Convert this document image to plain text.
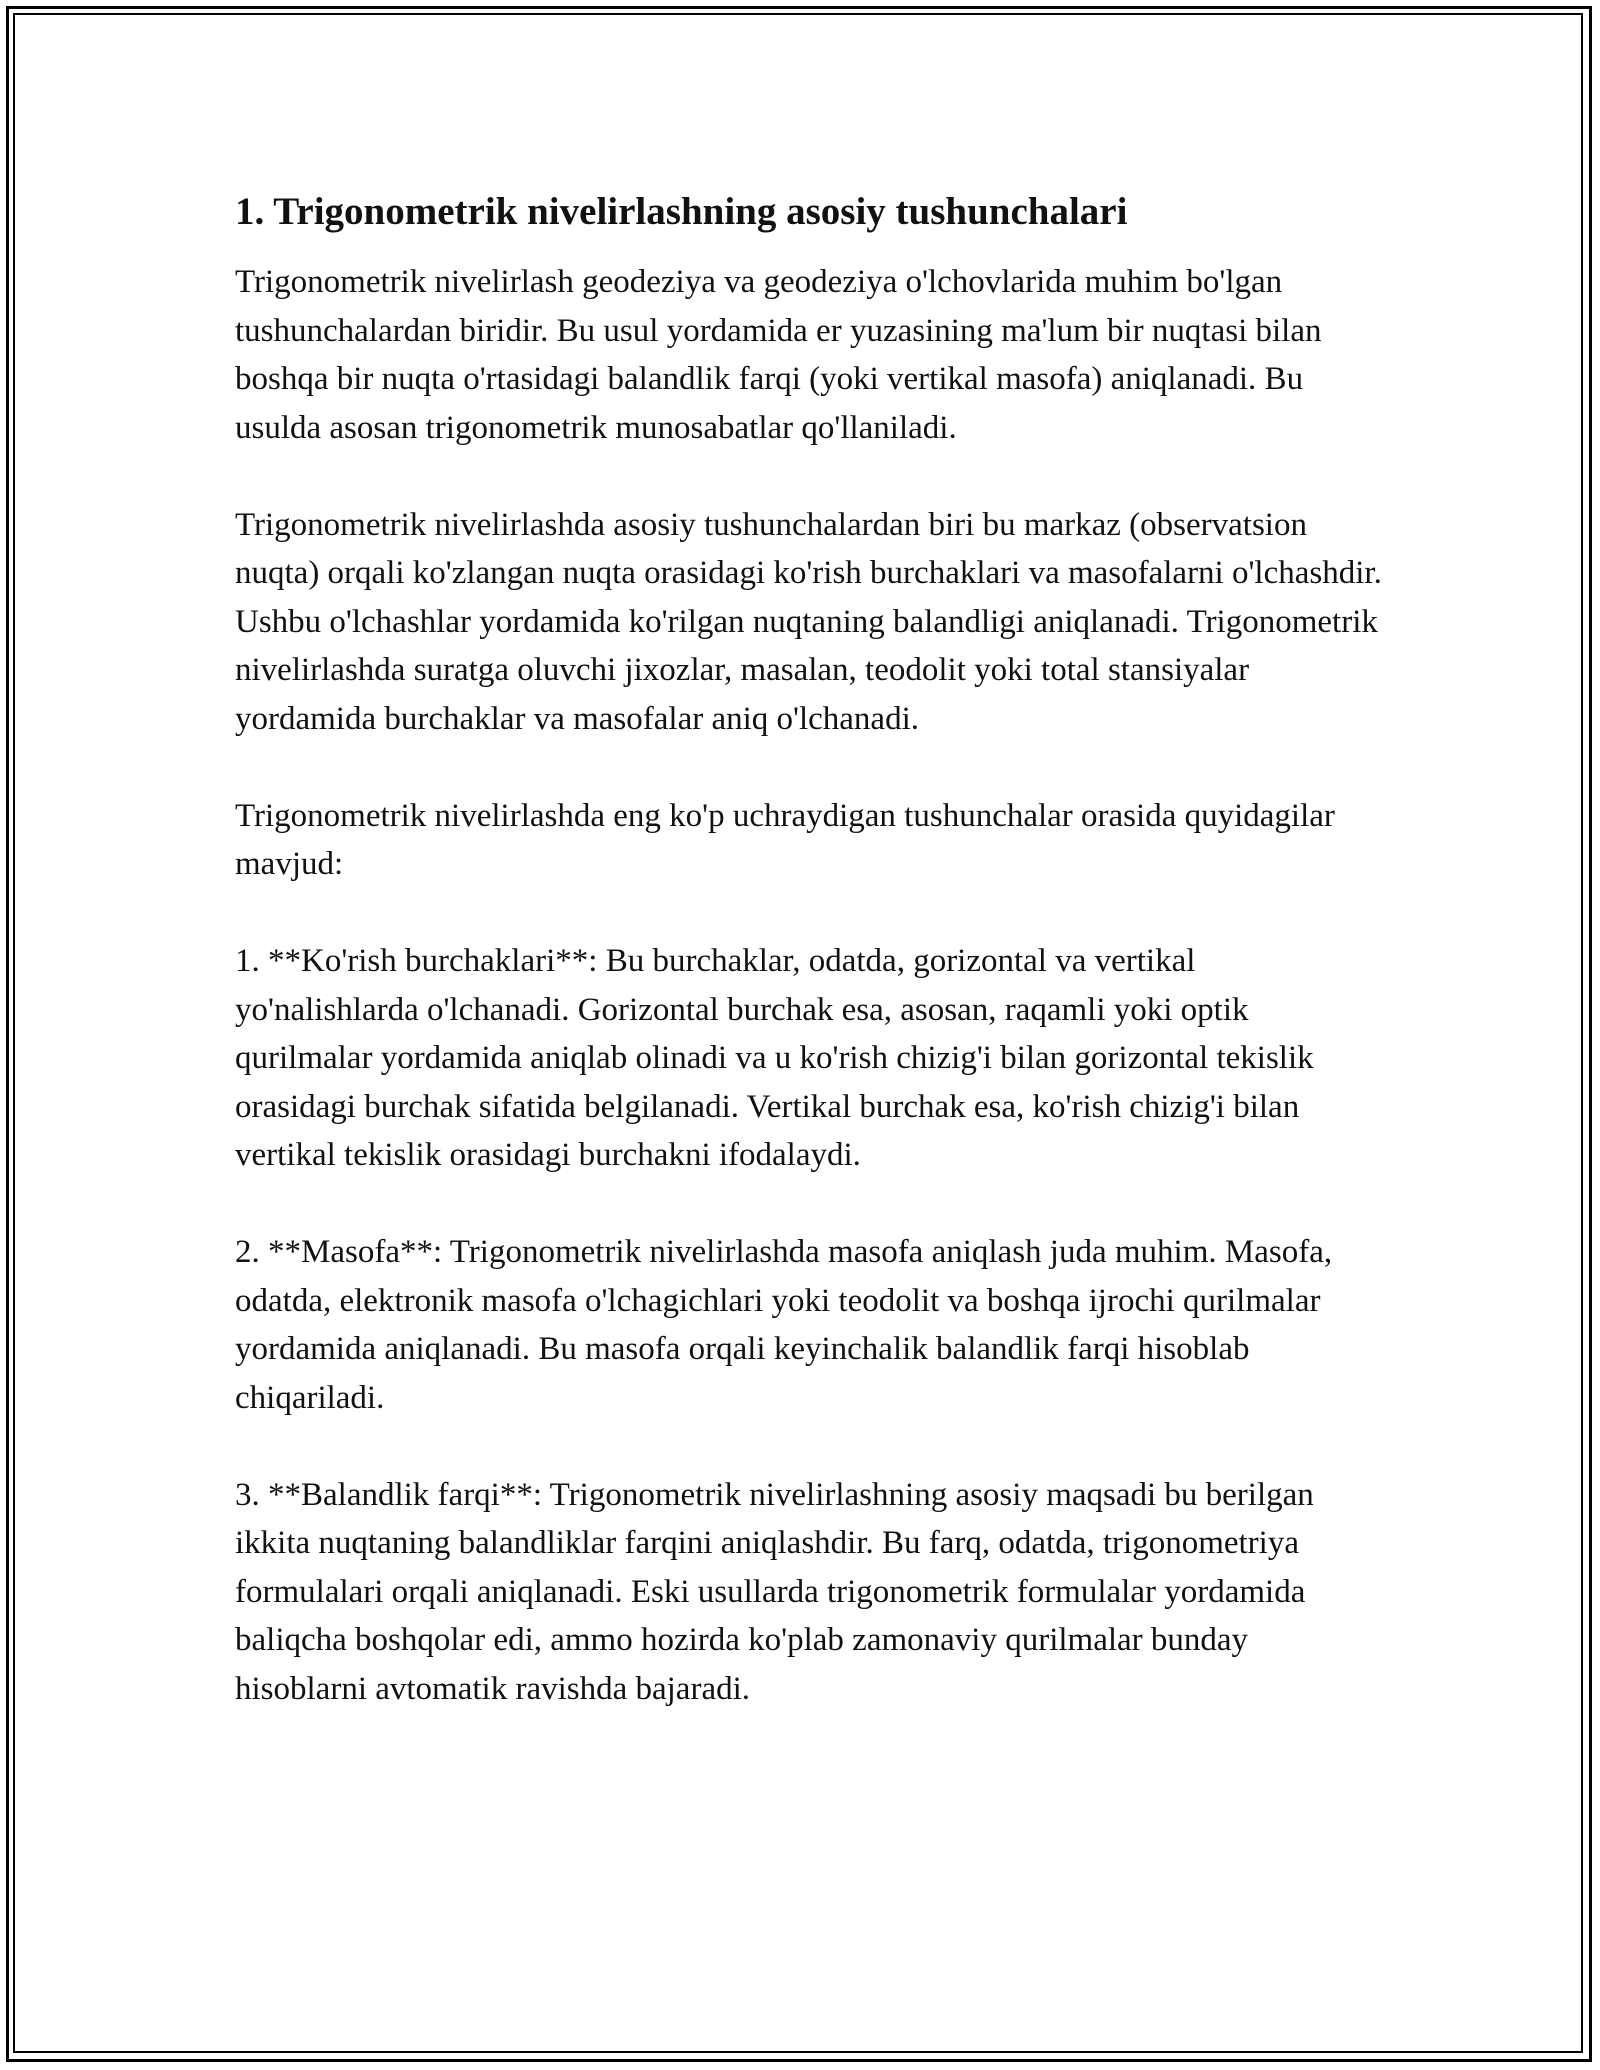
1. Trigonometrik nivelirlashning asosiy tushunchalari

Trigonometrik nivelirlash geodeziya va geodeziya o'lchovlarida muhim bo'lgan tushunchalardan biridir. Bu usul yordamida er yuzasining ma'lum bir nuqtasi bilan boshqa bir nuqta o'rtasidagi balandlik farqi (yoki vertikal masofa) aniqlanadi. Bu usulda asosan trigonometrik munosabatlar qo'llaniladi.

Trigonometrik nivelirlashda asosiy tushunchalardan biri bu markaz (observatsion nuqta) orqali ko'zlangan nuqta orasidagi ko'rish burchaklari va masofalarni o'lchashdir. Ushbu o'lchashlar yordamida ko'rilgan nuqtaning balandligi aniqlanadi. Trigonometrik nivelirlashda suratga oluvchi jixozlar, masalan, teodolit yoki total stansiyalar yordamida burchaklar va masofalar aniq o'lchanadi.

Trigonometrik nivelirlashda eng ko'p uchraydigan tushunchalar orasida quyidagilar mavjud:

1. **Ko'rish burchaklari**: Bu burchaklar, odatda, gorizontal va vertikal yo'nalishlarda o'lchanadi. Gorizontal burchak esa, asosan, raqamli yoki optik qurilmalar yordamida aniqlab olinadi va u ko'rish chizig'i bilan gorizontal tekislik orasidagi burchak sifatida belgilanadi. Vertikal burchak esa, ko'rish chizig'i bilan vertikal tekislik orasidagi burchakni ifodalaydi.

2. **Masofa**: Trigonometrik nivelirlashda masofa aniqlash juda muhim. Masofa, odatda, elektronik masofa o'lchagichlari yoki teodolit va boshqa ijrochi qurilmalar yordamida aniqlanadi. Bu masofa orqali keyinchalik balandlik farqi hisoblab chiqariladi.

3. **Balandlik farqi**: Trigonometrik nivelirlashning asosiy maqsadi bu berilgan ikkita nuqtaning balandliklar farqini aniqlashdir. Bu farq, odatda, trigonometriya formulalari orqali aniqlanadi. Eski usullarda trigonometrik formulalar yordamida baliqcha boshqolar edi, ammo hozirda ko'plab zamonaviy qurilmalar bunday hisoblarni avtomatik ravishda bajaradi.
